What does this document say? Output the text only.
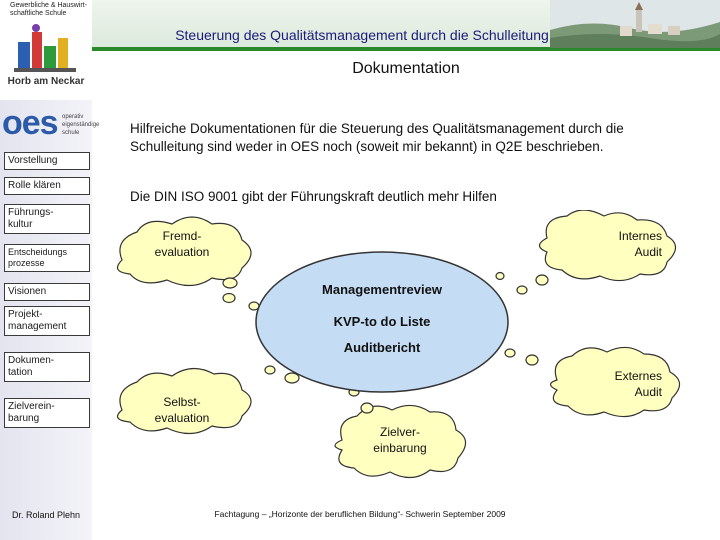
Steuerung des Qualitätsmanagement durch die Schulleitung
Dokumentation
Gewerbliche & Hauswirt-schaftliche Schule
Horb am Neckar
oes operativ
eigenständige
schule
Vorstellung
Rolle klären
Führungs-
kultur
Entscheidungs
prozesse
Visionen
Projekt-
management
Dokumen-
tation
Zielverein-
barung
Dr. Roland Plehn
Hilfreiche Dokumentationen für die Steuerung des Qualitätsmanagement durch die Schulleitung sind weder in OES noch (soweit mir bekannt) in Q2E beschrieben.
Die DIN ISO 9001 gibt der Führungskraft deutlich mehr Hilfen
Fremd-
evaluation
Internes
Audit
Externes
Audit
Selbst-
evaluation
Zielver-
einbarung
Managementreview
KVP-to do Liste
Auditbericht
Fachtagung – „Horizonte der beruflichen Bildung“- Schwerin September 2009
